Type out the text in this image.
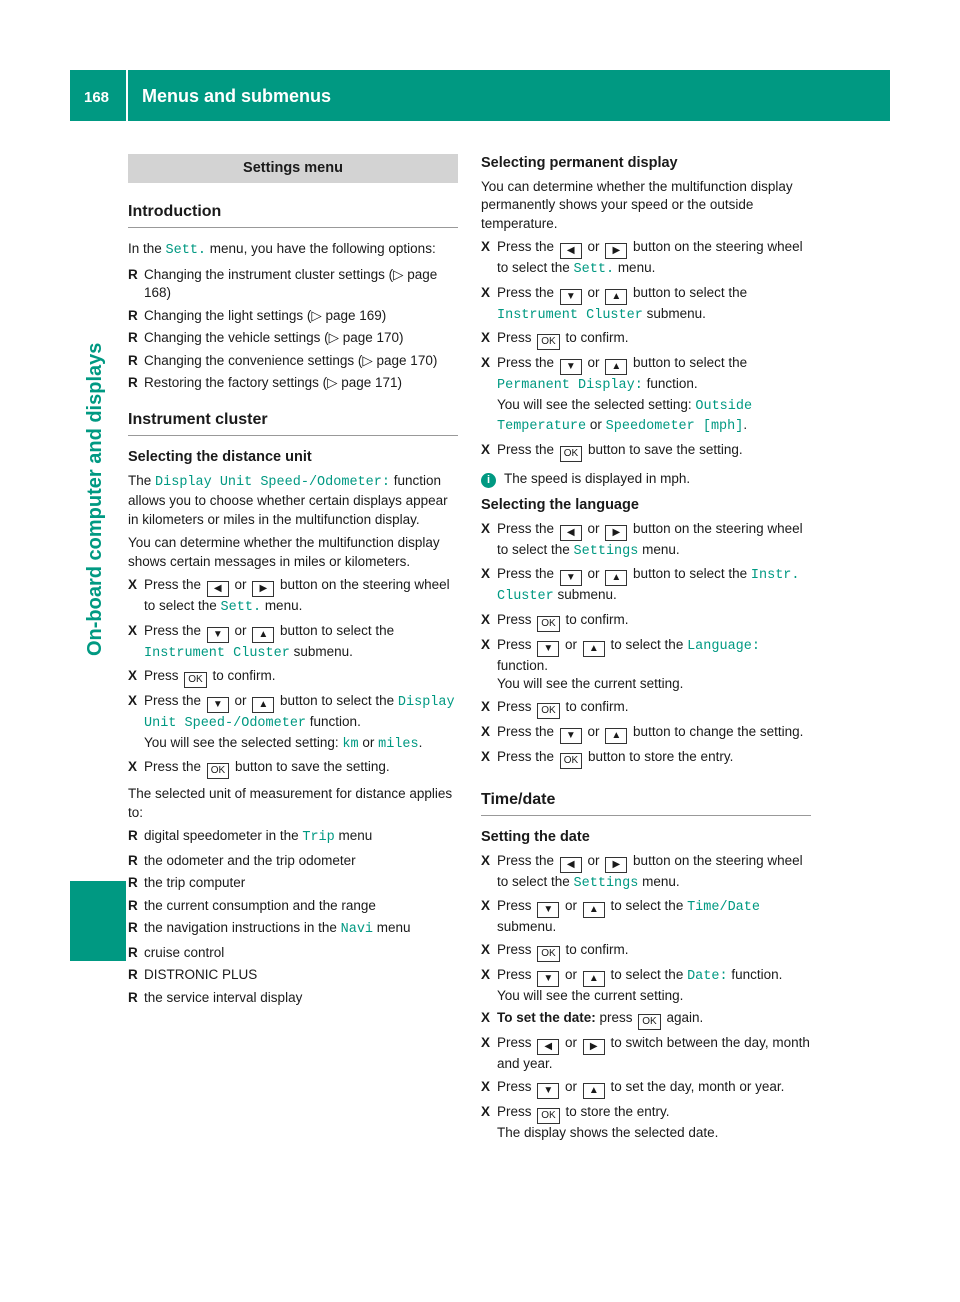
168 Menus and submenus
On-board computer and displays
Settings menu
Introduction

In the Sett. menu, you have the following options:

R Changing the instrument cluster settings (▷ page 168)
R Changing the light settings (▷ page 169)
R Changing the vehicle settings (▷ page 170)
R Changing the convenience settings (▷ page 170)
R Restoring the factory settings (▷ page 171)
Instrument cluster
Selecting the distance unit

The Display Unit Speed-/Odometer: function allows you to choose whether certain displays appear in kilometers or miles in the multifunction display.

You can determine whether the multifunction display shows certain messages in miles or kilometers.

X Press the ◀ or ▶ button on the steering wheel to select the Sett. menu.
X Press the ▼ or ▲ button to select the Instrument Cluster submenu.
X Press OK to confirm.
X Press the ▼ or ▲ button to select the Display Unit Speed-/Odometer function.
You will see the selected setting: km or miles.
X Press the OK button to save the setting.

The selected unit of measurement for distance applies to:

R digital speedometer in the Trip menu
R the odometer and the trip odometer
R the trip computer
R the current consumption and the range
R the navigation instructions in the Navi menu
R cruise control
R DISTRONIC PLUS
R the service interval display
Selecting permanent display

You can determine whether the multifunction display permanently shows your speed or the outside temperature.

X Press the ◀ or ▶ button on the steering wheel to select the Sett. menu.
X Press the ▼ or ▲ button to select the Instrument Cluster submenu.
X Press OK to confirm.
X Press the ▼ or ▲ button to select the Permanent Display: function.
You will see the selected setting: Outside Temperature or Speedometer [mph].
X Press the OK button to save the setting.
i The speed is displayed in mph.
Selecting the language
X Press the ◀ or ▶ button on the steering wheel to select the Settings menu.
X Press the ▼ or ▲ button to select the Instr. Cluster submenu.
X Press OK to confirm.
X Press ▼ or ▲ to select the Language: function.
You will see the current setting.
X Press OK to confirm.
X Press the ▼ or ▲ button to change the setting.
X Press the OK button to store the entry.
Time/date
Setting the date
X Press the ◀ or ▶ button on the steering wheel to select the Settings menu.
X Press ▼ or ▲ to select the Time/Date submenu.
X Press OK to confirm.
X Press ▼ or ▲ to select the Date: function.
You will see the current setting.
X To set the date: press OK again.
X Press ◀ or ▶ to switch between the day, month and year.
X Press ▼ or ▲ to set the day, month or year.
X Press OK to store the entry.
The display shows the selected date.
